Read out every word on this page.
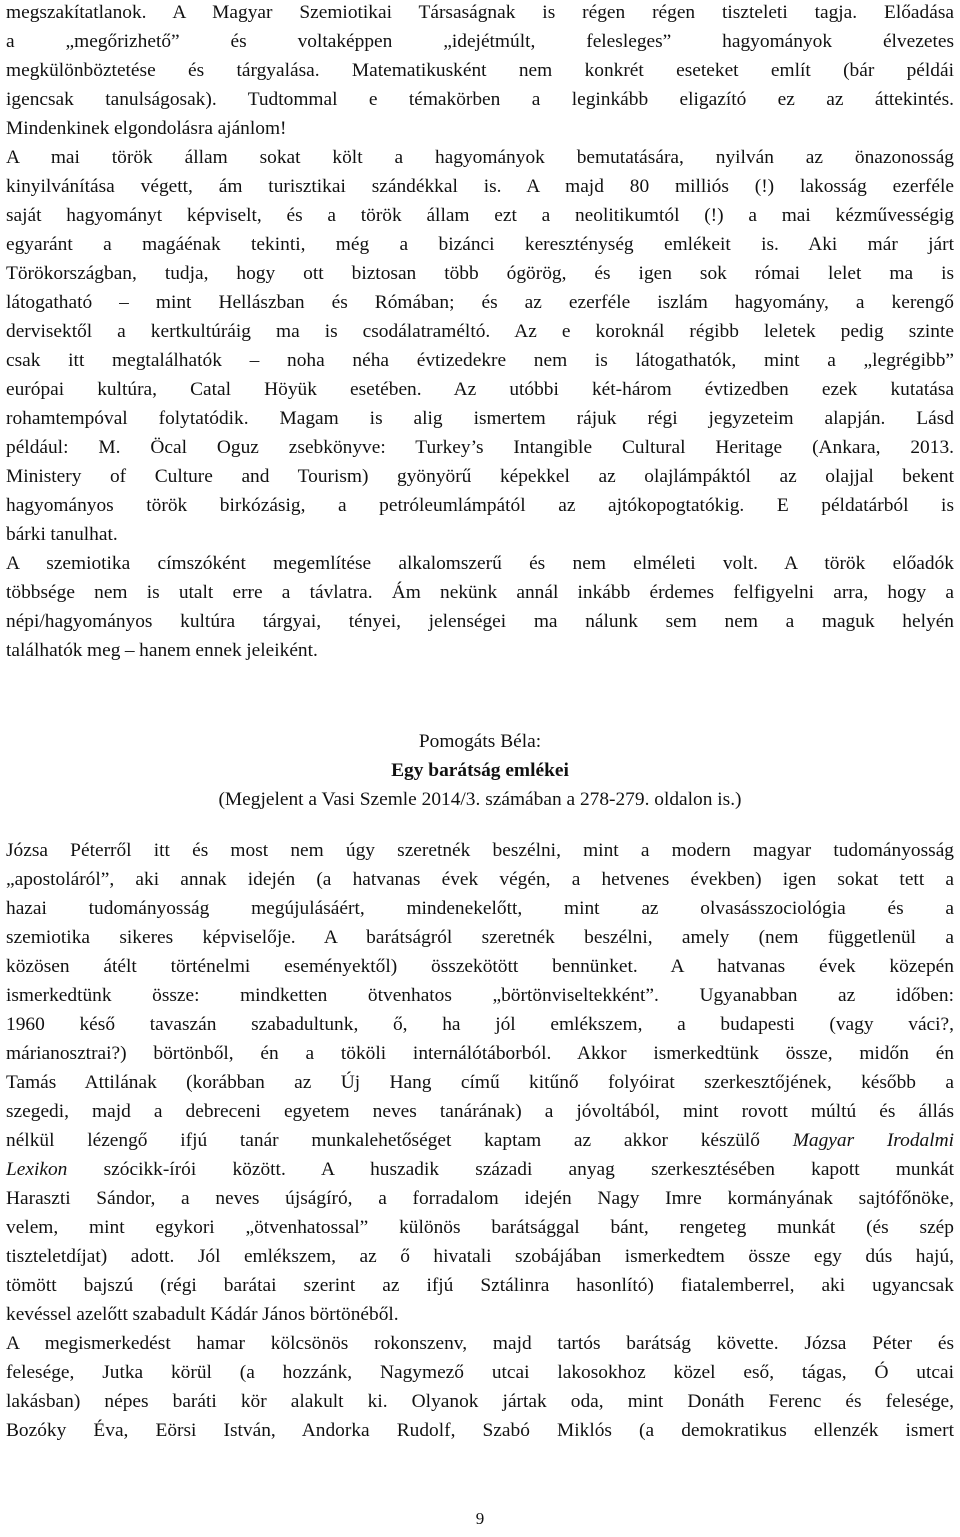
megszakítatlanok. A Magyar Szemiotikai Társaságnak is régen régen tiszteleti tagja. Előadása
a „megőrizhető” és voltaképpen „idejétmúlt, felesleges” hagyományok élvezetes
megkülönböztetése és tárgyalása. Matematikusként nem konkrét eseteket említ (bár példái
igencsak tanulságosak). Tudtommal e témakörben a leginkább eligazító ez az áttekintés.
Mindenkinek elgondolásra ajánlom!

A mai török állam sokat költ a hagyományok bemutatására, nyilván az önazonosság
kinyilvánítása végett, ám turisztikai szándékkal is. A majd 80 milliós (!) lakosság ezerféle
saját hagyományt képviselt, és a török állam ezt a neolitikumtól (!) a mai kézművességig
egyaránt a magáénak tekinti, még a bizánci kereszténység emlékeit is. Aki már járt
Törökországban, tudja, hogy ott biztosan több ógörög, és igen sok római lelet ma is
látogatható – mint Hellászban és Rómában; és az ezerféle iszlám hagyomány, a kerengő
dervisektől a kertkultúráig ma is csodálatraméltó. Az e koroknál régibb leletek pedig szinte
csak itt megtalálhatók – noha néha évtizedekre nem is látogathatók, mint a „legrégibb”
európai kultúra, Catal Höyük esetében. Az utóbbi két-három évtizedben ezek kutatása
rohamtempóval folytatódik. Magam is alig ismertem rájuk régi jegyzeteim alapján. Lásd
például: M. Öcal Oguz zsebkönyve: Turkey’s Intangible Cultural Heritage (Ankara, 2013.
Ministery of Culture and Tourism) gyönyörű képekkel az olajlámpáktól az olajjal bekent
hagyományos török birkózásig, a petróleumlámpától az ajtókopogtatókig. E példatárból is
bárki tanulhat.

A szemiotika címszóként megemlítése alkalomszerű és nem elméleti volt. A török előadók
többsége nem is utalt erre a távlatra. Ám nekünk annál inkább érdemes felfigyelni arra, hogy a
népi/hagyományos kultúra tárgyai, tényei, jelenségei ma nálunk sem nem a maguk helyén
találhatók meg – hanem ennek jeleiként.

Pomogáts Béla:

Egy barátság emlékei

(Megjelent a Vasi Szemle 2014/3. számában a 278-279. oldalon is.)

Józsa Péterről itt és most nem úgy szeretnék beszélni, mint a modern magyar tudományosság
„apostoláról”, aki annak idején (a hatvanas évek végén, a hetvenes években) igen sokat tett a
hazai tudományosság megújulásáért, mindenekelőtt, mint az olvasásszociológia és a
szemiotika sikeres képviselője. A barátságról szeretnék beszélni, amely (nem függetlenül a
közösen átélt történelmi eseményektől) összekötött bennünket. A hatvanas évek közepén
ismerkedtünk össze: mindketten ötvenhatos „börtönviseltekként”. Ugyanabban az időben:
1960 késő tavaszán szabadultunk, ő, ha jól emlékszem, a budapesti (vagy váci?,
márianosztrai?) börtönből, én a tököli internálótáborból. Akkor ismerkedtünk össze, midőn én
Tamás Attilának (korábban az Új Hang című kitűnő folyóirat szerkesztőjének, később a
szegedi, majd a debreceni egyetem neves tanárának) a jóvoltából, mint rovott múltú és állás
nélkül lézengő ifjú tanár munkalehetőséget kaptam az akkor készülő Magyar Irodalmi
Lexikon szócikk-írói között. A huszadik századi anyag szerkesztésében kapott munkát
Haraszti Sándor, a neves újságíró, a forradalom idején Nagy Imre kormányának sajtófőnöke,
velem, mint egykori „ötvenhatossal” különös barátsággal bánt, rengeteg munkát (és szép
tiszteletdíjat) adott. Jól emlékszem, az ő hivatali szobájában ismerkedtem össze egy dús hajú,
tömött bajszú (régi barátai szerint az ifjú Sztálinra hasonlító) fiatalemberrel, aki ugyancsak
kevéssel azelőtt szabadult Kádár János börtönéből.

A megismerkedést hamar kölcsönös rokonszenv, majd tartós barátság követte. Józsa Péter és
felesége, Jutka körül (a hozzánk, Nagymező utcai lakosokhoz közel eső, tágas, Ó utcai
lakásban) népes baráti kör alakult ki. Olyanok jártak oda, mint Donáth Ferenc és felesége,
Bozóky Éva, Eörsi István, Andorka Rudolf, Szabó Miklós (a demokratikus ellenzék ismert

9
